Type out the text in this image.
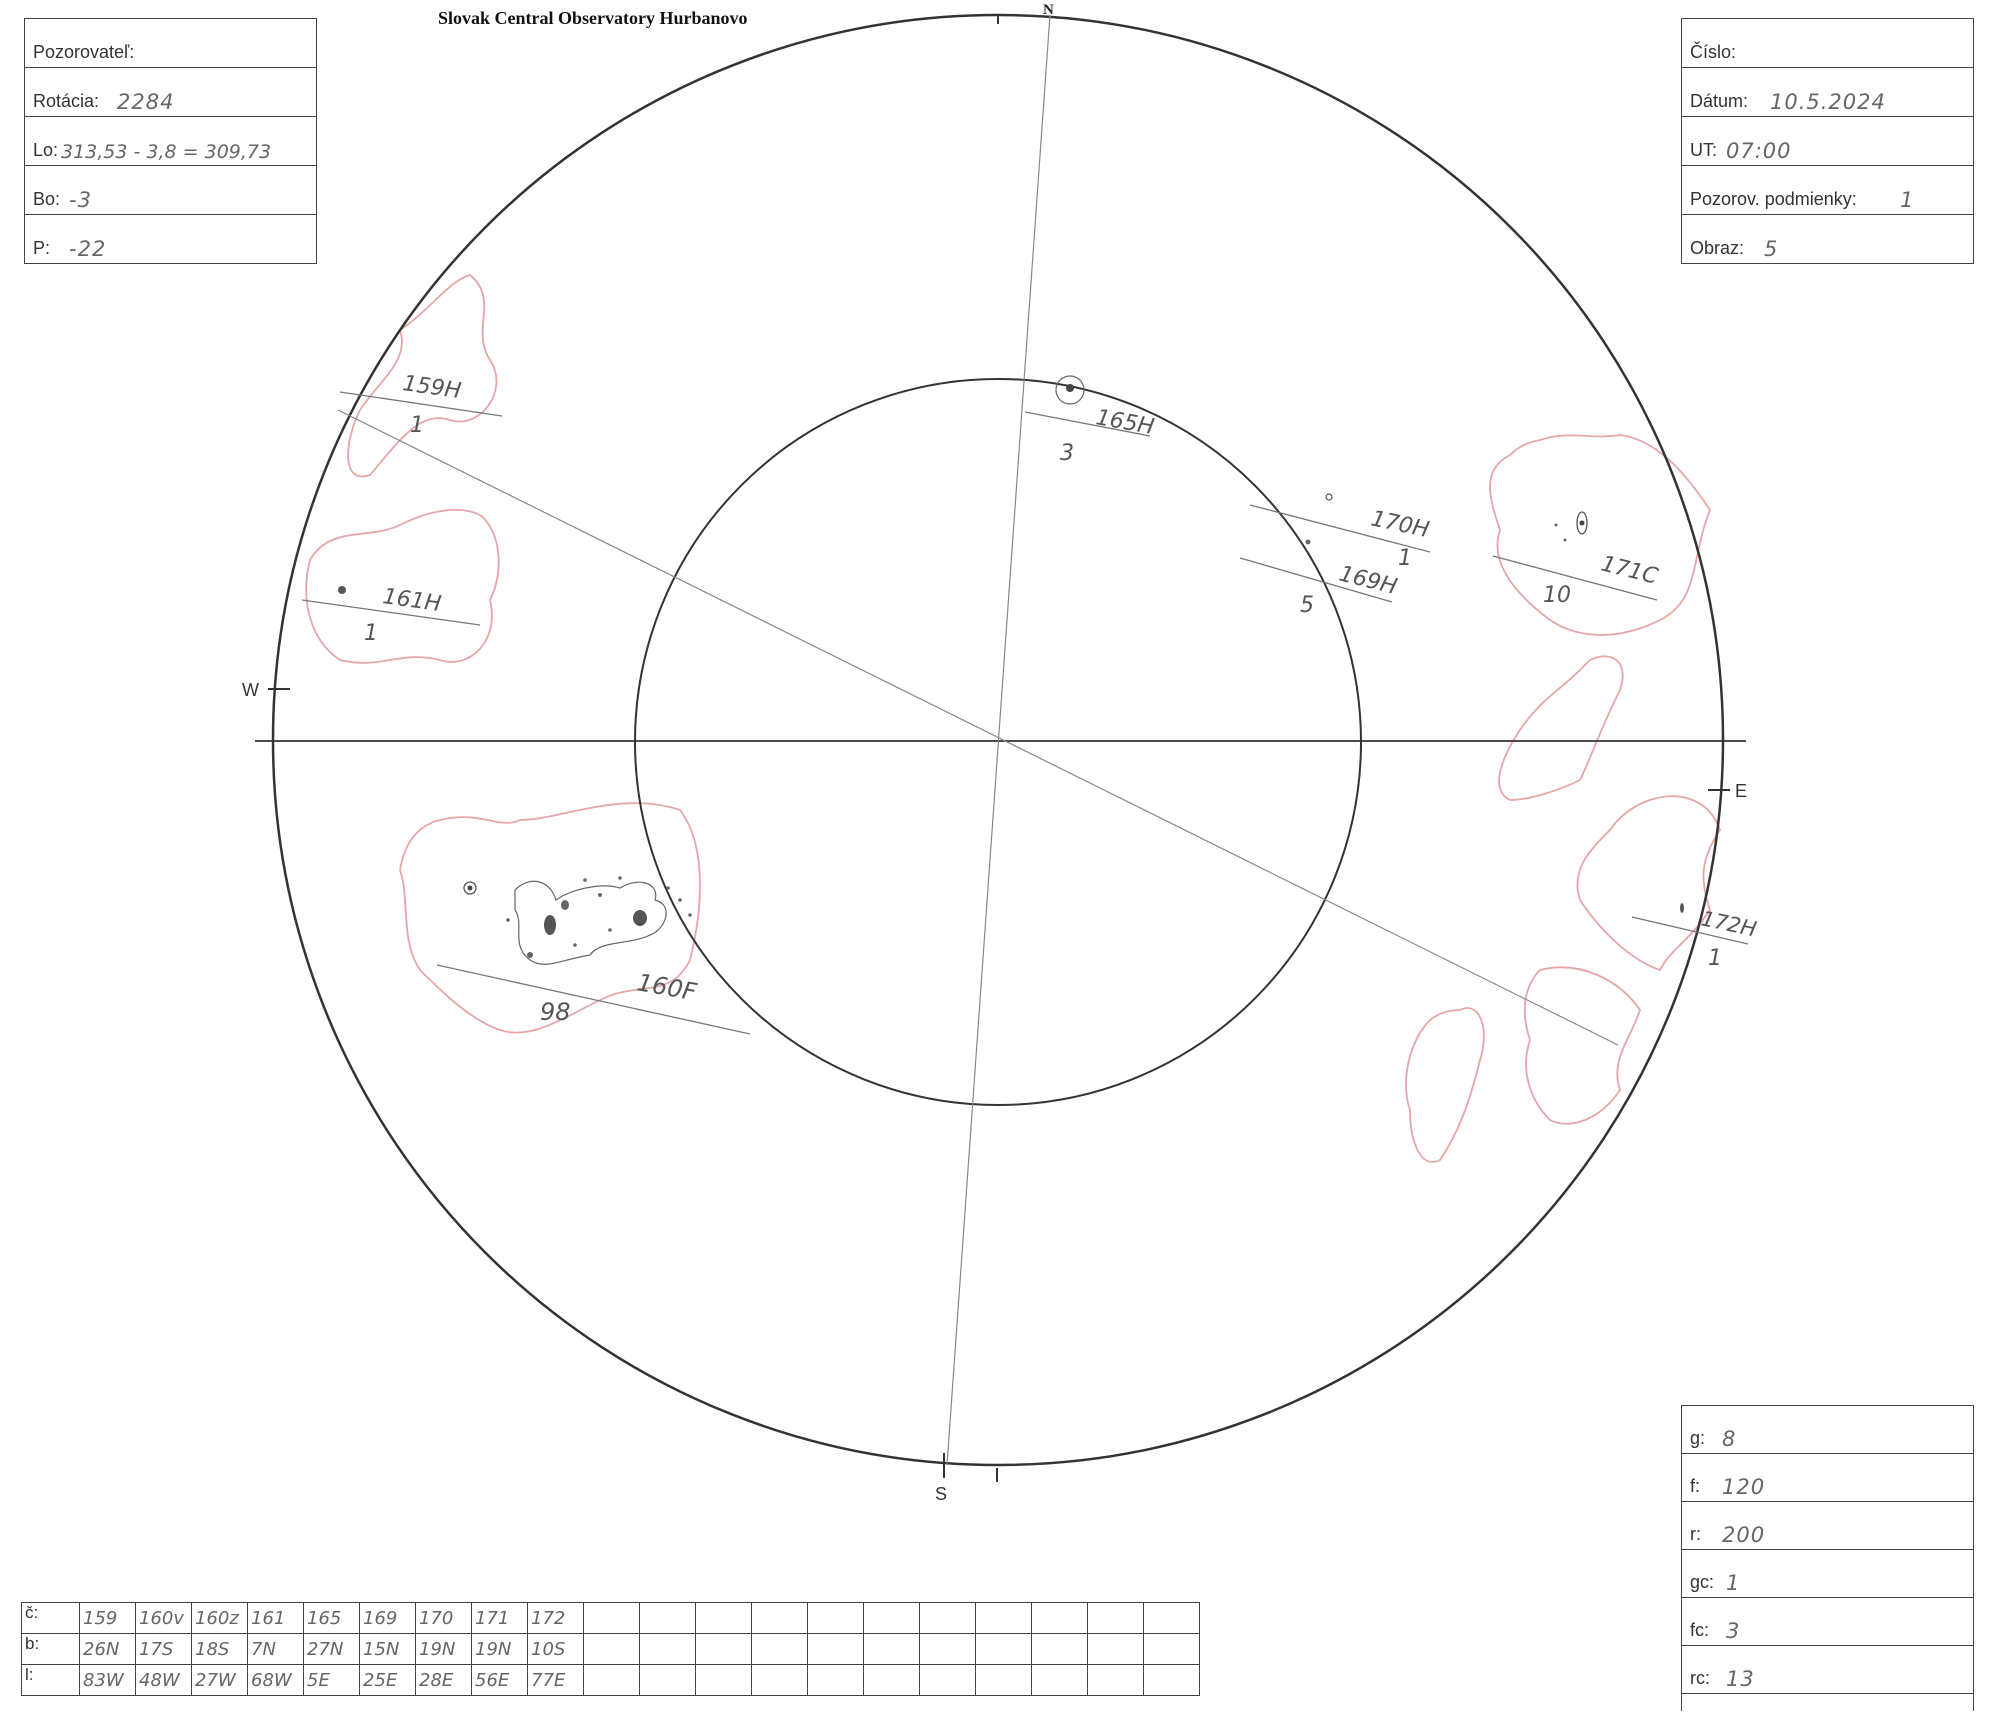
Slovak Central Observatory Hurbanovo
Pozorovateľ:
Rotácia: 2284
Lo: 313,53 - 3,8 = 309,73
Bo: -3
P: -22
Číslo:
Dátum: 10.5.2024
UT: 07:00
Pozorov. podmienky: 1
Obraz: 5
g: 8
f: 120
r: 200
gc: 1
fc: 3
rc: 13
N
S
W
E
159H
1
161H
1
165H
3
170H
1
169H
5
171C
10
172H
1
160F
98
č:	159	160v	160z	161	165	169	170	171	172											
b:	26N	17S	18S	7N	27N	15N	19N	19N	10S											
l:	83W	48W	27W	68W	5E	25E	28E	56E	77E											
